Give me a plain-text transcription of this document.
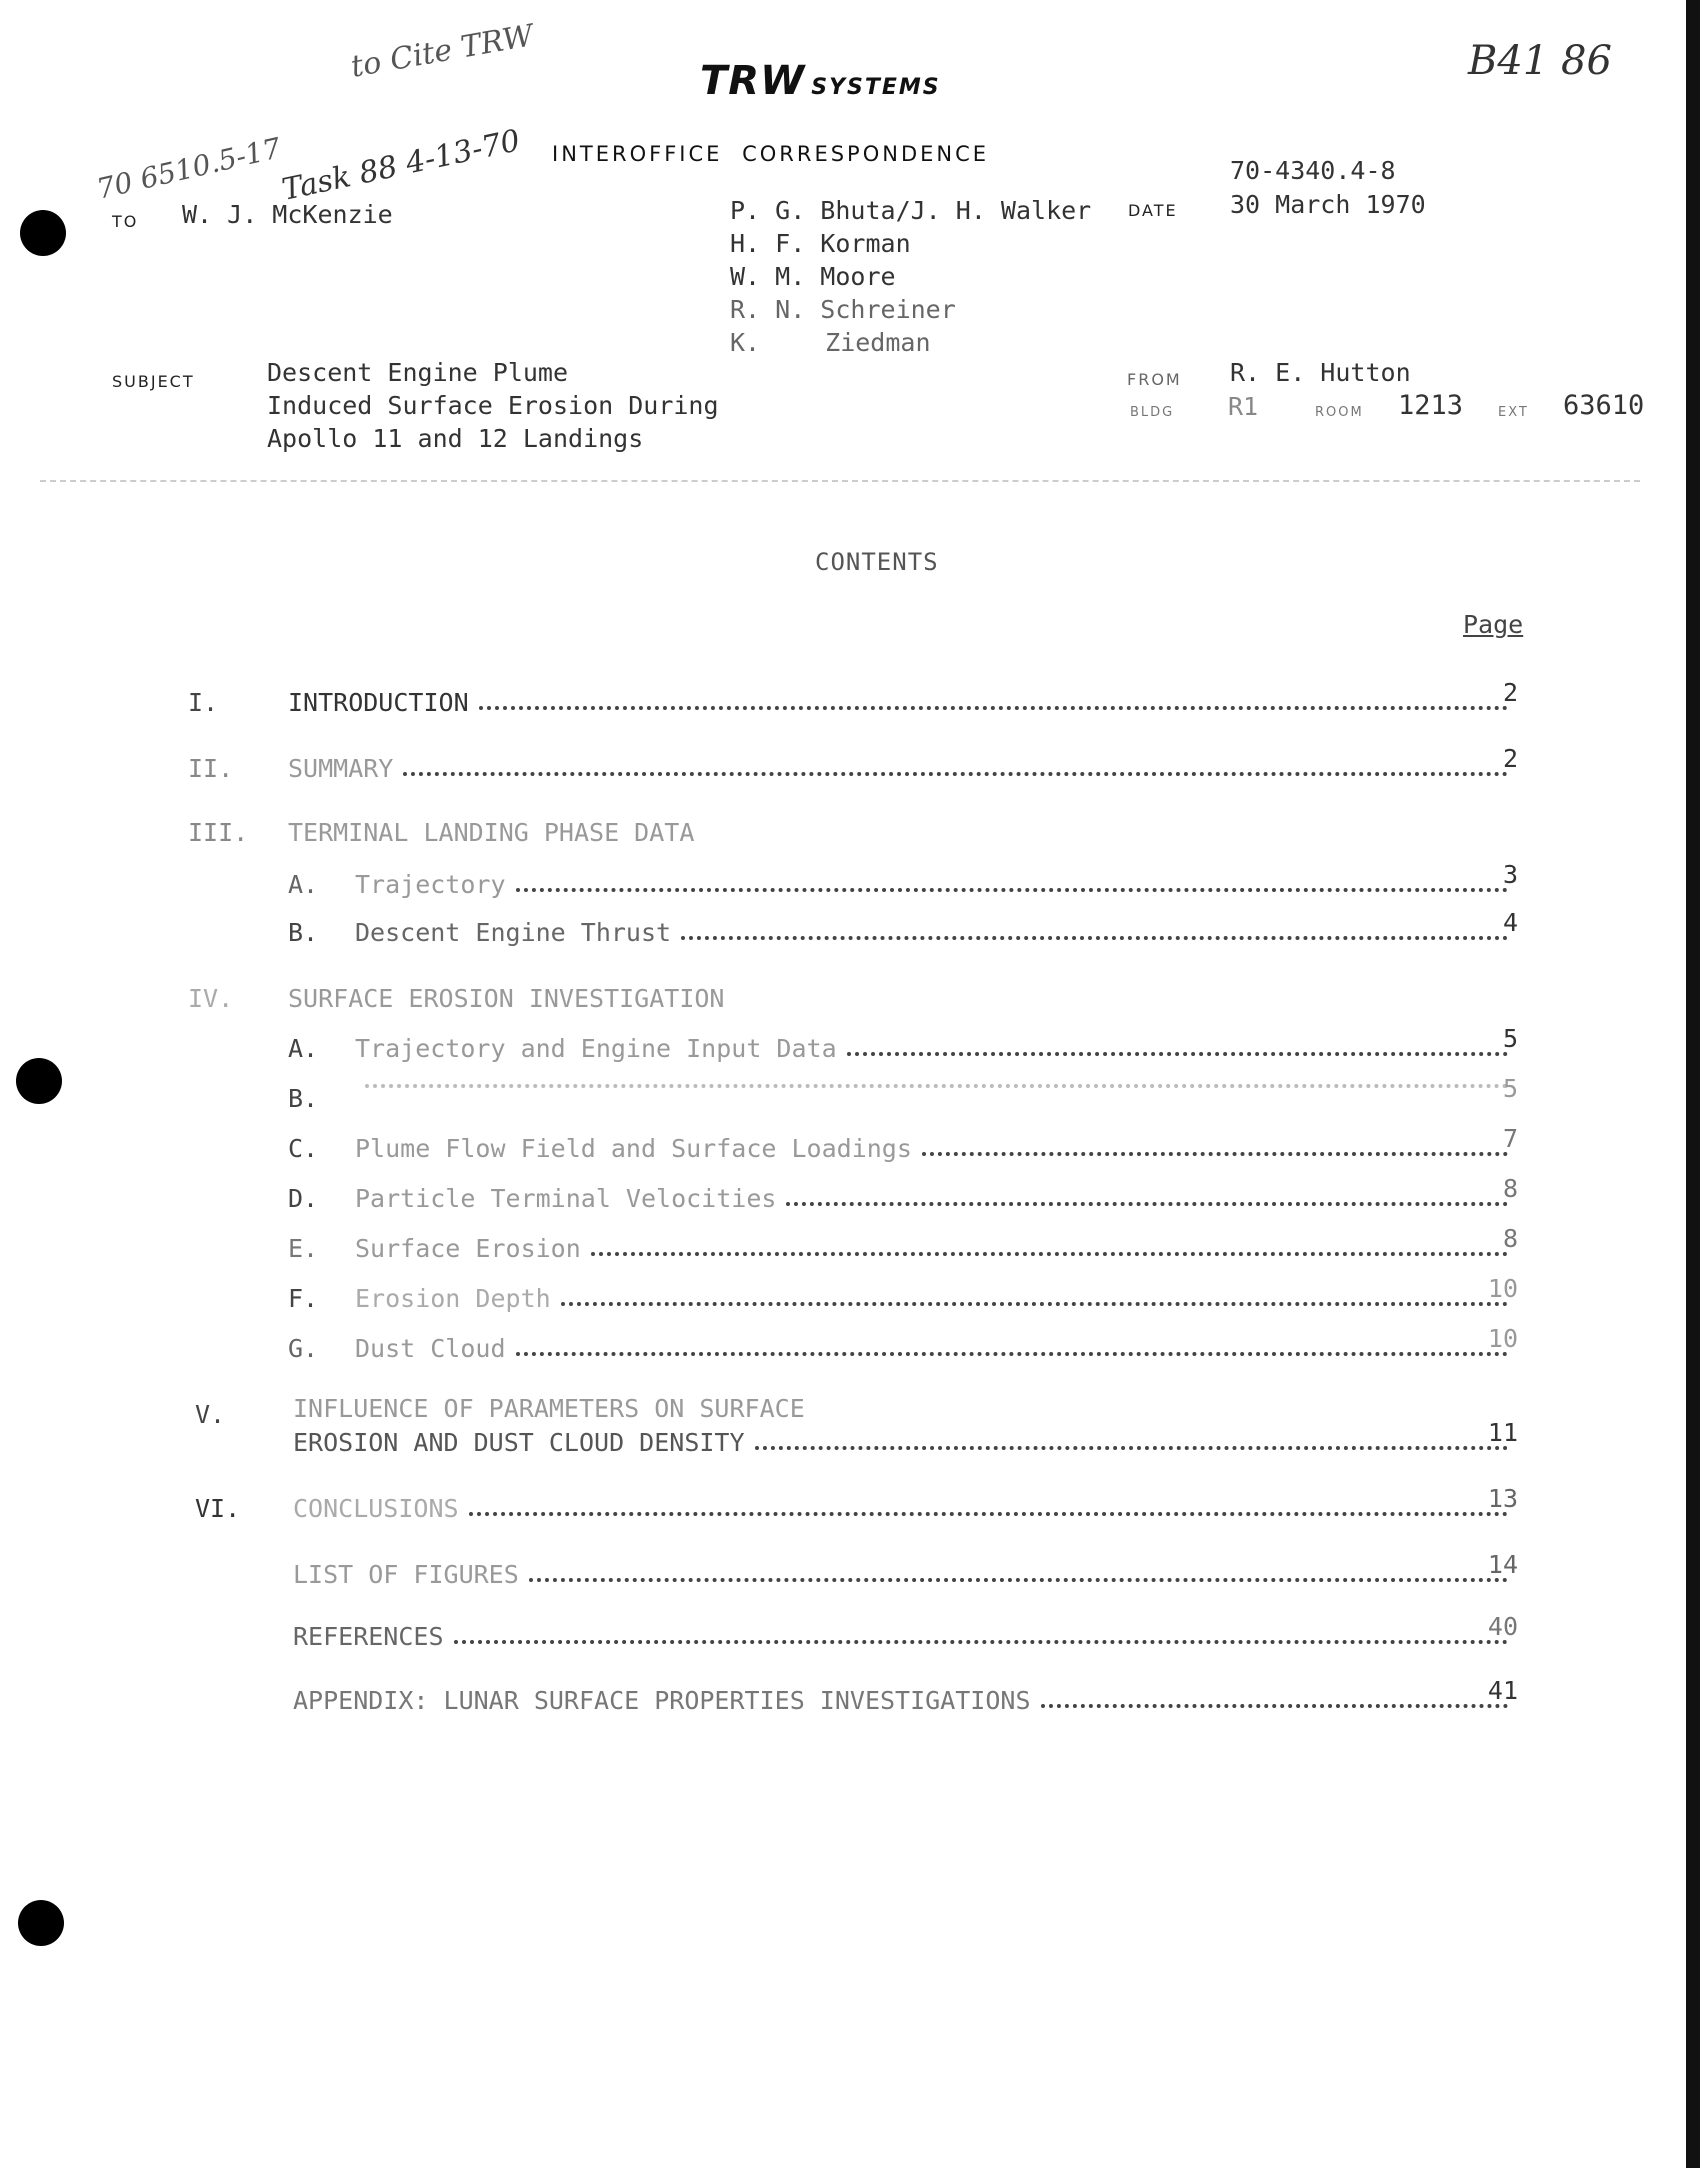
B41 86
to Cite TRW
70 6510.5-17
Task 88 4-13-70
TRW SYSTEMS
INTEROFFICE CORRESPONDENCE
70-4340.4-8
DATE 30 March 1970
TO W. J. McKenzie	P. G. Bhuta/J. H. Walker
H. F. Korman
W. M. Moore
R. N. Schreiner
K. Ziedman
SUBJECT	Descent Engine Plume
Induced Surface Erosion During
Apollo 11 and 12 Landings
FROM R. E. Hutton
BLDG R1	ROOM 1213	EXT 63610
CONTENTS
Page
I.	INTRODUCTION	2
II. SUMMARY	2
III. TERMINAL LANDING PHASE DATA
A. Trajectory	3
B. Descent Engine Thrust	4
IV. SURFACE EROSION INVESTIGATION
A. Trajectory and Engine Input Data	5
B.	5
C. Plume Flow Field and Surface Loadings	7
D. Particle Terminal Velocities	8
E. Surface Erosion	8
F. Erosion Depth	10
G. Dust Cloud	10
V.	INFLUENCE OF PARAMETERS ON SURFACE
EROSION AND DUST CLOUD DENSITY	11
VI. CONCLUSIONS	13
LIST OF FIGURES	14
REFERENCES	40
APPENDIX: LUNAR SURFACE PROPERTIES INVESTIGATIONS	41
